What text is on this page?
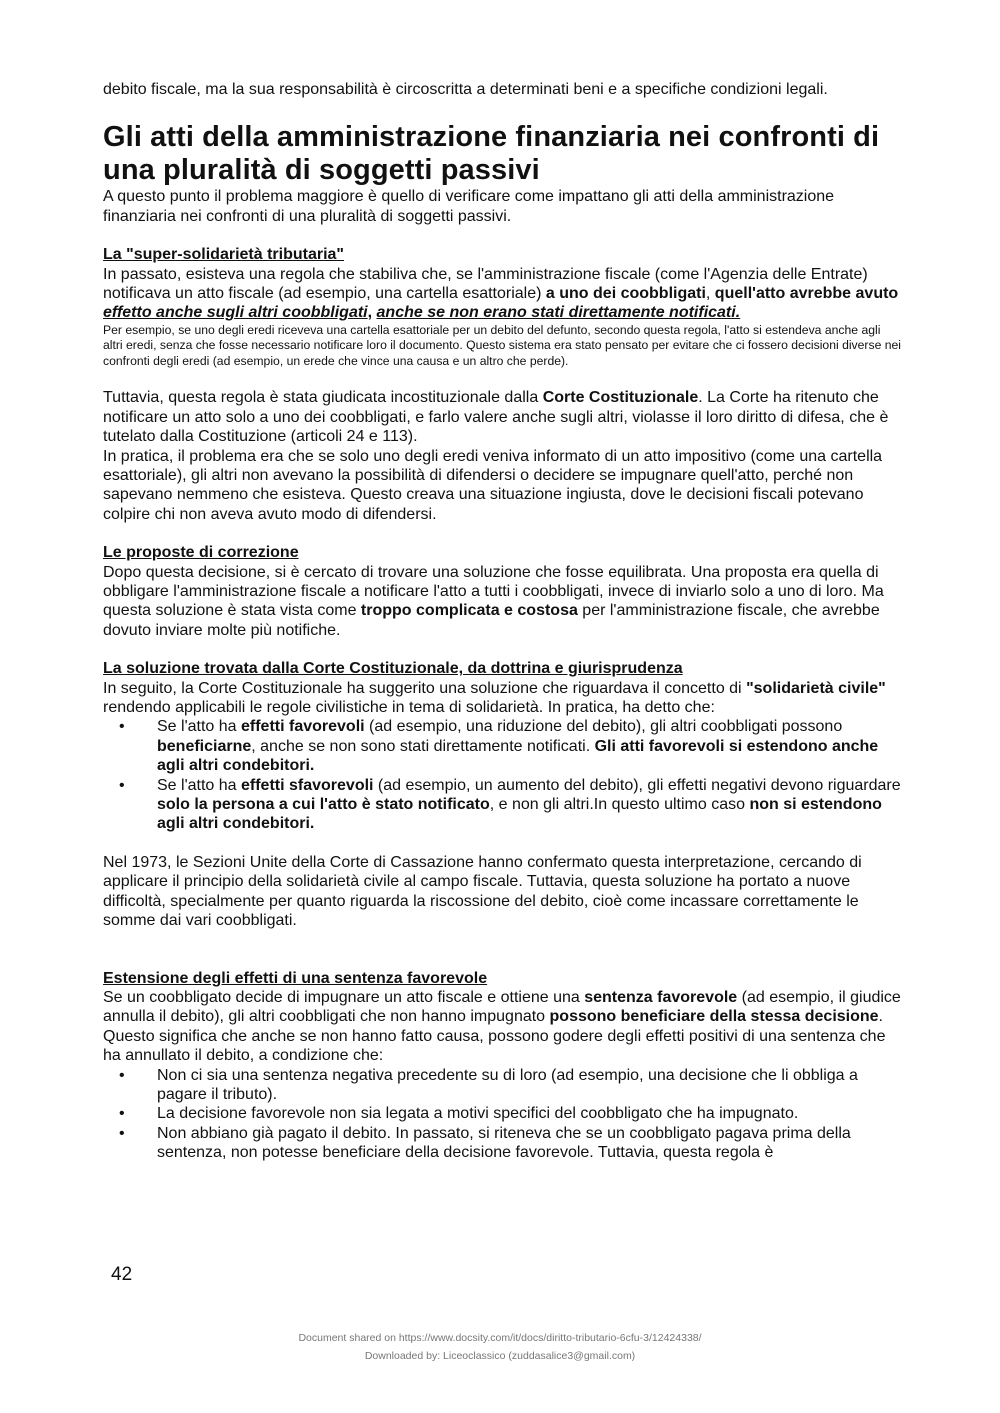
debito fiscale, ma la sua responsabilità è circoscritta a determinati beni e a specifiche condizioni legali.

Gli atti della amministrazione finanziaria nei confronti di una pluralità di soggetti passivi

A questo punto il problema maggiore è quello di verificare come impattano gli atti della amministrazione finanziaria nei confronti di una pluralità di soggetti passivi.

La "super-solidarietà tributaria"

In passato, esisteva una regola che stabiliva che, se l'amministrazione fiscale (come l'Agenzia delle Entrate) notificava un atto fiscale (ad esempio, una cartella esattoriale) a uno dei coobbligati, quell'atto avrebbe avuto effetto anche sugli altri coobbligati, anche se non erano stati direttamente notificati.

Per esempio, se uno degli eredi riceveva una cartella esattoriale per un debito del defunto, secondo questa regola, l'atto si estendeva anche agli altri eredi, senza che fosse necessario notificare loro il documento. Questo sistema era stato pensato per evitare che ci fossero decisioni diverse nei confronti degli eredi (ad esempio, un erede che vince una causa e un altro che perde).

Tuttavia, questa regola è stata giudicata incostituzionale dalla Corte Costituzionale. La Corte ha ritenuto che notificare un atto solo a uno dei coobbligati, e farlo valere anche sugli altri, violasse il loro diritto di difesa, che è tutelato dalla Costituzione (articoli 24 e 113).

In pratica, il problema era che se solo uno degli eredi veniva informato di un atto impositivo (come una cartella esattoriale), gli altri non avevano la possibilità di difendersi o decidere se impugnare quell'atto, perché non sapevano nemmeno che esisteva. Questo creava una situazione ingiusta, dove le decisioni fiscali potevano colpire chi non aveva avuto modo di difendersi.

Le proposte di correzione

Dopo questa decisione, si è cercato di trovare una soluzione che fosse equilibrata. Una proposta era quella di obbligare l'amministrazione fiscale a notificare l'atto a tutti i coobbligati, invece di inviarlo solo a uno di loro. Ma questa soluzione è stata vista come troppo complicata e costosa per l'amministrazione fiscale, che avrebbe dovuto inviare molte più notifiche.

La soluzione trovata dalla Corte Costituzionale, da dottrina e giurisprudenza

In seguito, la Corte Costituzionale ha suggerito una soluzione che riguardava il concetto di "solidarietà civile" rendendo applicabili le regole civilistiche in tema di solidarietà. In pratica, ha detto che:

• Se l'atto ha effetti favorevoli (ad esempio, una riduzione del debito), gli altri coobbligati possono beneficiarne, anche se non sono stati direttamente notificati. Gli atti favorevoli si estendono anche agli altri condebitori.
• Se l'atto ha effetti sfavorevoli (ad esempio, un aumento del debito), gli effetti negativi devono riguardare solo la persona a cui l'atto è stato notificato, e non gli altri.In questo ultimo caso non si estendono agli altri condebitori.

Nel 1973, le Sezioni Unite della Corte di Cassazione hanno confermato questa interpretazione, cercando di applicare il principio della solidarietà civile al campo fiscale. Tuttavia, questa soluzione ha portato a nuove difficoltà, specialmente per quanto riguarda la riscossione del debito, cioè come incassare correttamente le somme dai vari coobbligati.

Estensione degli effetti di una sentenza favorevole

Se un coobbligato decide di impugnare un atto fiscale e ottiene una sentenza favorevole (ad esempio, il giudice annulla il debito), gli altri coobbligati che non hanno impugnato possono beneficiare della stessa decisione. Questo significa che anche se non hanno fatto causa, possono godere degli effetti positivi di una sentenza che ha annullato il debito, a condizione che:

• Non ci sia una sentenza negativa precedente su di loro (ad esempio, una decisione che li obbliga a pagare il tributo).
• La decisione favorevole non sia legata a motivi specifici del coobbligato che ha impugnato.
• Non abbiano già pagato il debito. In passato, si riteneva che se un coobbligato pagava prima della sentenza, non potesse beneficiare della decisione favorevole. Tuttavia, questa regola è
42
Document shared on https://www.docsity.com/it/docs/diritto-tributario-6cfu-3/12424338/
Downloaded by: Liceoclassico (zuddasalice3@gmail.com)
